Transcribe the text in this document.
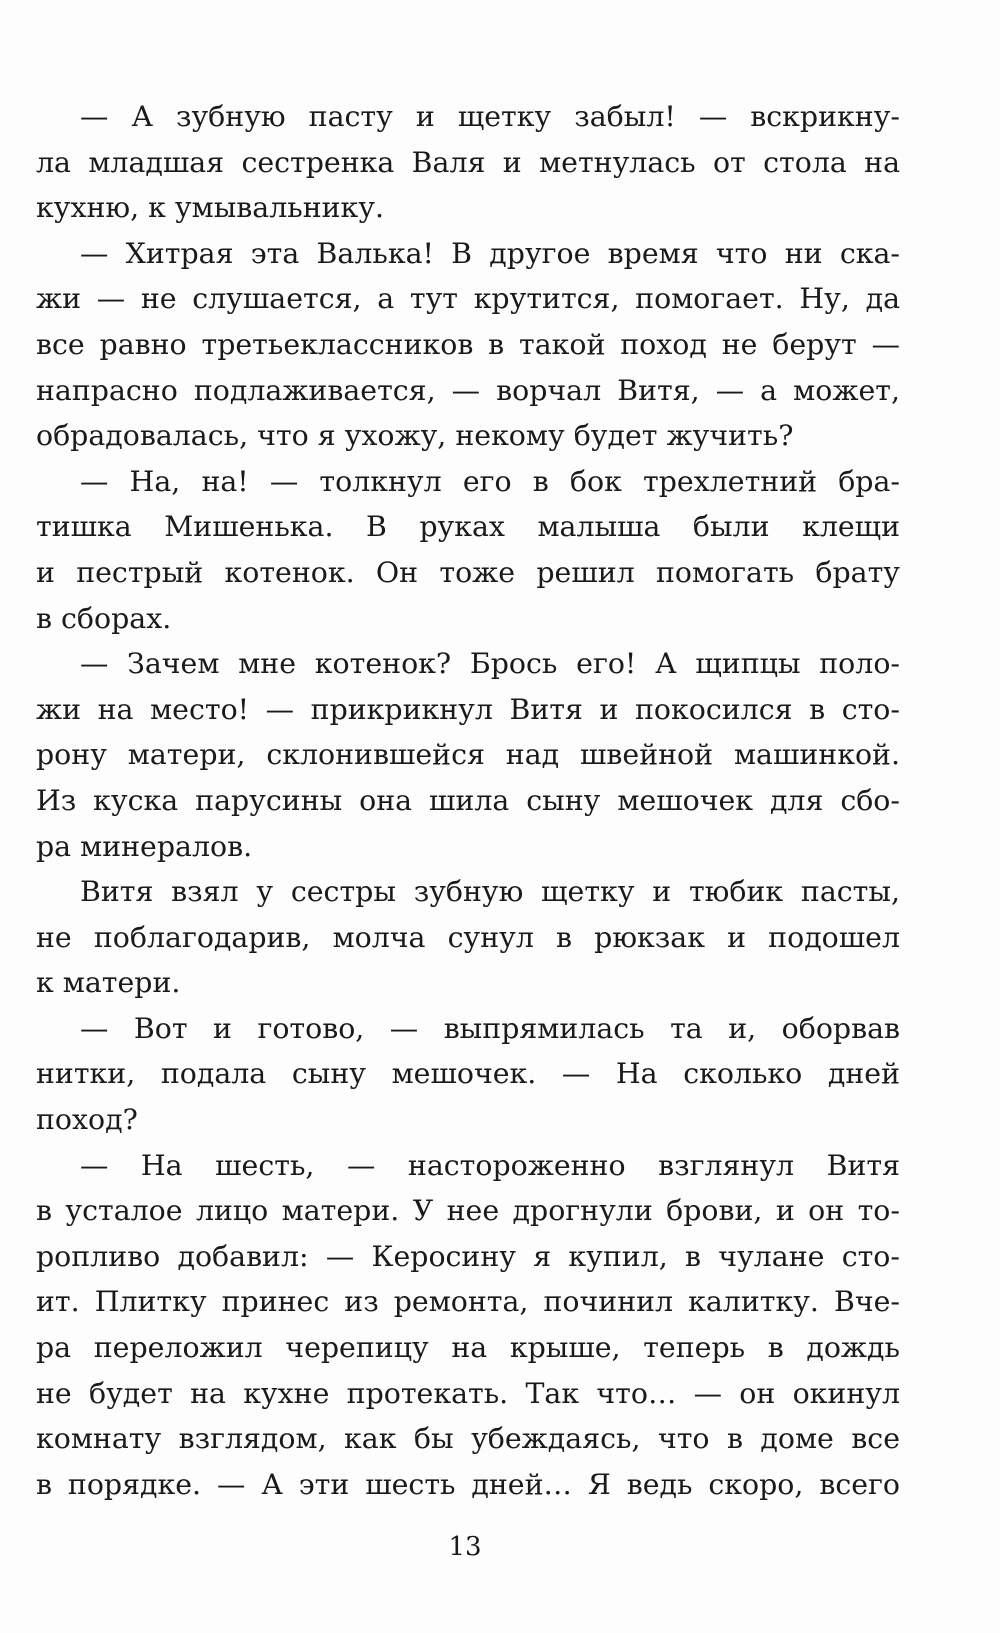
— А зубную пасту и щетку забыл! — вскрикну-
ла младшая сестренка Валя и метнулась от стола на
кухню, к умывальнику.
— Хитрая эта Валька! В другое время что ни ска-
жи — не слушается, а тут крутится, помогает. Ну, да
все равно третьеклассников в такой поход не берут —
напрасно подлаживается, — ворчал Витя, — а может,
обрадовалась, что я ухожу, некому будет жучить?
— На, на! — толкнул его в бок трехлетний бра-
тишка Мишенька. В руках малыша были клещи
и пестрый котенок. Он тоже решил помогать брату
в сборах.
— Зачем мне котенок? Брось его! А щипцы поло-
жи на место! — прикрикнул Витя и покосился в сто-
рону матери, склонившейся над швейной машинкой.
Из куска парусины она шила сыну мешочек для сбо-
ра минералов.
Витя взял у сестры зубную щетку и тюбик пасты,
не поблагодарив, молча сунул в рюкзак и подошел
к матери.
— Вот и готово, — выпрямилась та и, оборвав
нитки, подала сыну мешочек. — На сколько дней
поход?
— На шесть, — настороженно взглянул Витя
в усталое лицо матери. У нее дрогнули брови, и он то-
ропливо добавил: — Керосину я купил, в чулане сто-
ит. Плитку принес из ремонта, починил калитку. Вче-
ра переложил черепицу на крыше, теперь в дождь
не будет на кухне протекать. Так что… — он окинул
комнату взглядом, как бы убеждаясь, что в доме все
в порядке. — А эти шесть дней… Я ведь скоро, всего
13
